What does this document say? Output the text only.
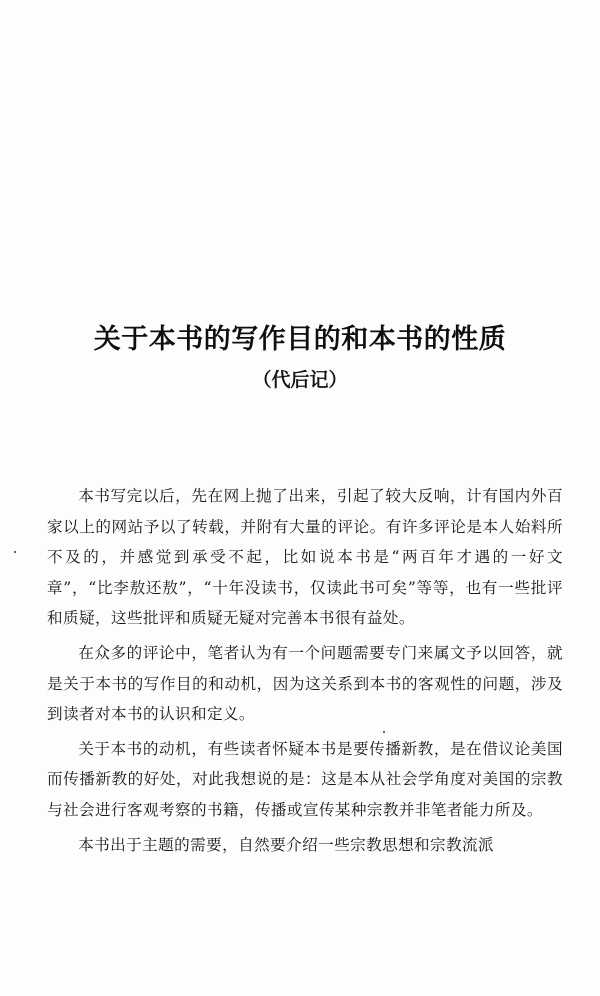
关于本书的写作目的和本书的性质
（代后记）

本书写完以后，先在网上抛了出来，引起了较大反响，计有国内外百家以上的网站予以了转载，并附有大量的评论。有许多评论是本人始料所不及的，并感觉到承受不起，比如说本书是“两百年才遇的一好文章”，“比李敖还敖”，“十年没读书，仅读此书可矣”等等，也有一些批评和质疑，这些批评和质疑无疑对完善本书很有益处。

在众多的评论中，笔者认为有一个问题需要专门来属文予以回答，就是关于本书的写作目的和动机，因为这关系到本书的客观性的问题，涉及到读者对本书的认识和定义。

关于本书的动机，有些读者怀疑本书是要传播新教，是在借议论美国而传播新教的好处，对此我想说的是：这是本从社会学角度对美国的宗教与社会进行客观考察的书籍，传播或宣传某种宗教并非笔者能力所及。

本书出于主题的需要，自然要介绍一些宗教思想和宗教流派
